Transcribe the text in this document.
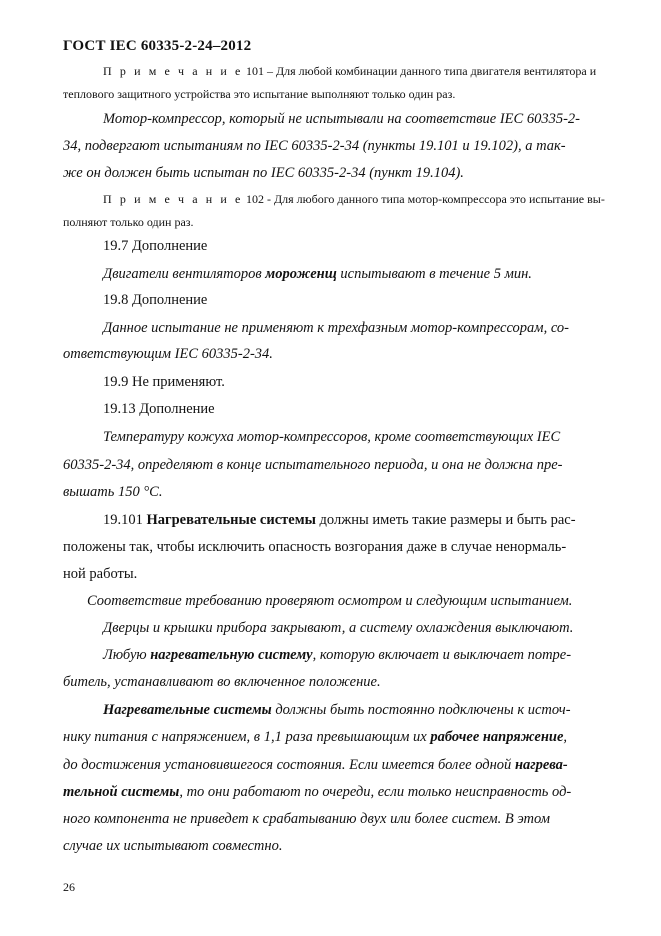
ГОСТ IEC 60335-2-24–2012
П р и м е ч а н и е 101 – Для любой комбинации данного типа двигателя вентилятора и
теплового защитного устройства это испытание выполняют только один раз.
Мотор-компрессор, который не испытывали на соответствие IEC 60335-2-
34, подвергают испытаниям по IEC 60335-2-34 (пункты 19.101 и 19.102), а так-
же он должен быть испытан по IEC 60335-2-34 (пункт 19.104).
П р и м е ч а н и е 102 - Для любого данного типа мотор-компрессора это испытание вы-
полняют только один раз.
19.7 Дополнение
Двигатели вентиляторов мороженщ испытывают в течение 5 мин.
19.8 Дополнение
Данное испытание не применяют к трехфазным мотор-компрессорам, со-
ответствующим IEC 60335-2-34.
19.9 Не применяют.
19.13 Дополнение
Температуру кожуха мотор-компрессоров, кроме соответствующих IEC
60335-2-34, определяют в конце испытательного периода, и она не должна пре-
вышать 150 °С.
19.101 Нагревательные системы должны иметь такие размеры и быть рас-
положены так, чтобы исключить опасность возгорания даже в случае ненормаль-
ной работы.
Соответствие требованию проверяют осмотром и следующим испытанием.
Дверцы и крышки прибора закрывают, а систему охлаждения выключают.
Любую нагревательную систему, которую включает и выключает потре-
битель, устанавливают во включенное положение.
Нагревательные системы должны быть постоянно подключены к источ-
нику питания с напряжением, в 1,1 раза превышающим их рабочее напряжение,
до достижения установившегося состояния. Если имеется более одной нагрева-
тельной системы, то они работают по очереди, если только неисправность од-
ного компонента не приведет к срабатыванию двух или более систем. В этом
случае их испытывают совместно.
26
